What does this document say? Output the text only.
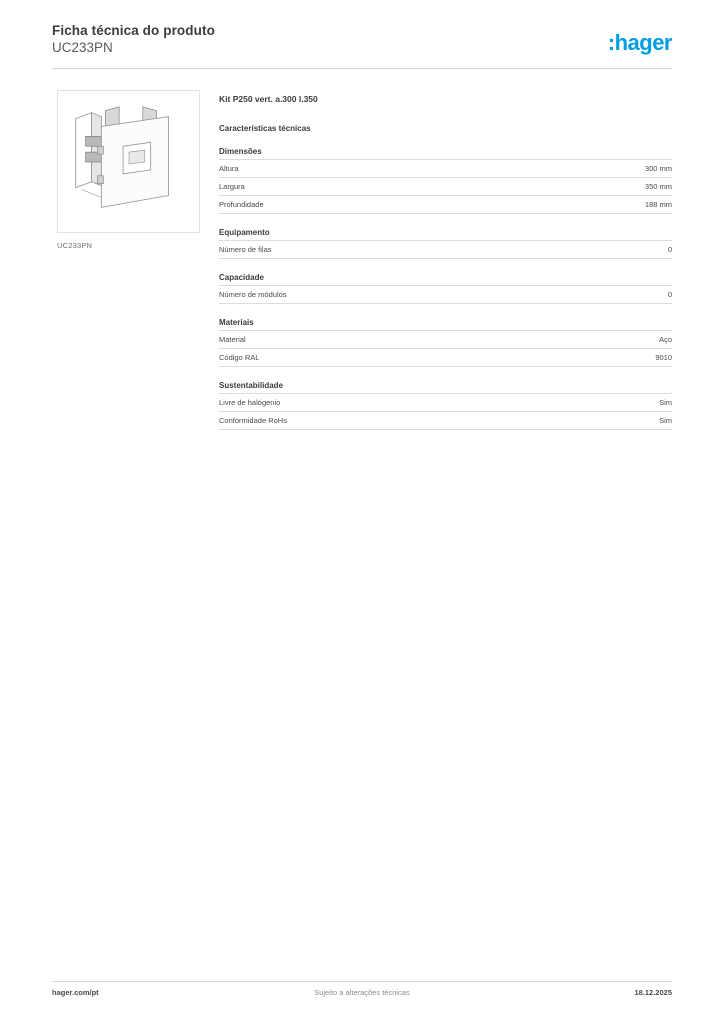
Ficha técnica do produto
UC233PN	:hager
UC233PN
Kit P250 vert. a.300 l.350
Características técnicas
Dimensões
Altura	300 mm
Largura	350 mm
Profundidade	188 mm
Equipamento
Número de filas	0
Capacidade
Número de módulos	0
Materiais
Material	Aço
Código RAL	9010
Sustentabilidade
Livre de halógenio	Sim
Conformidade RoHs	Sim
hager.com/pt	Sujeito a alterações técnicas	18.12.2025
